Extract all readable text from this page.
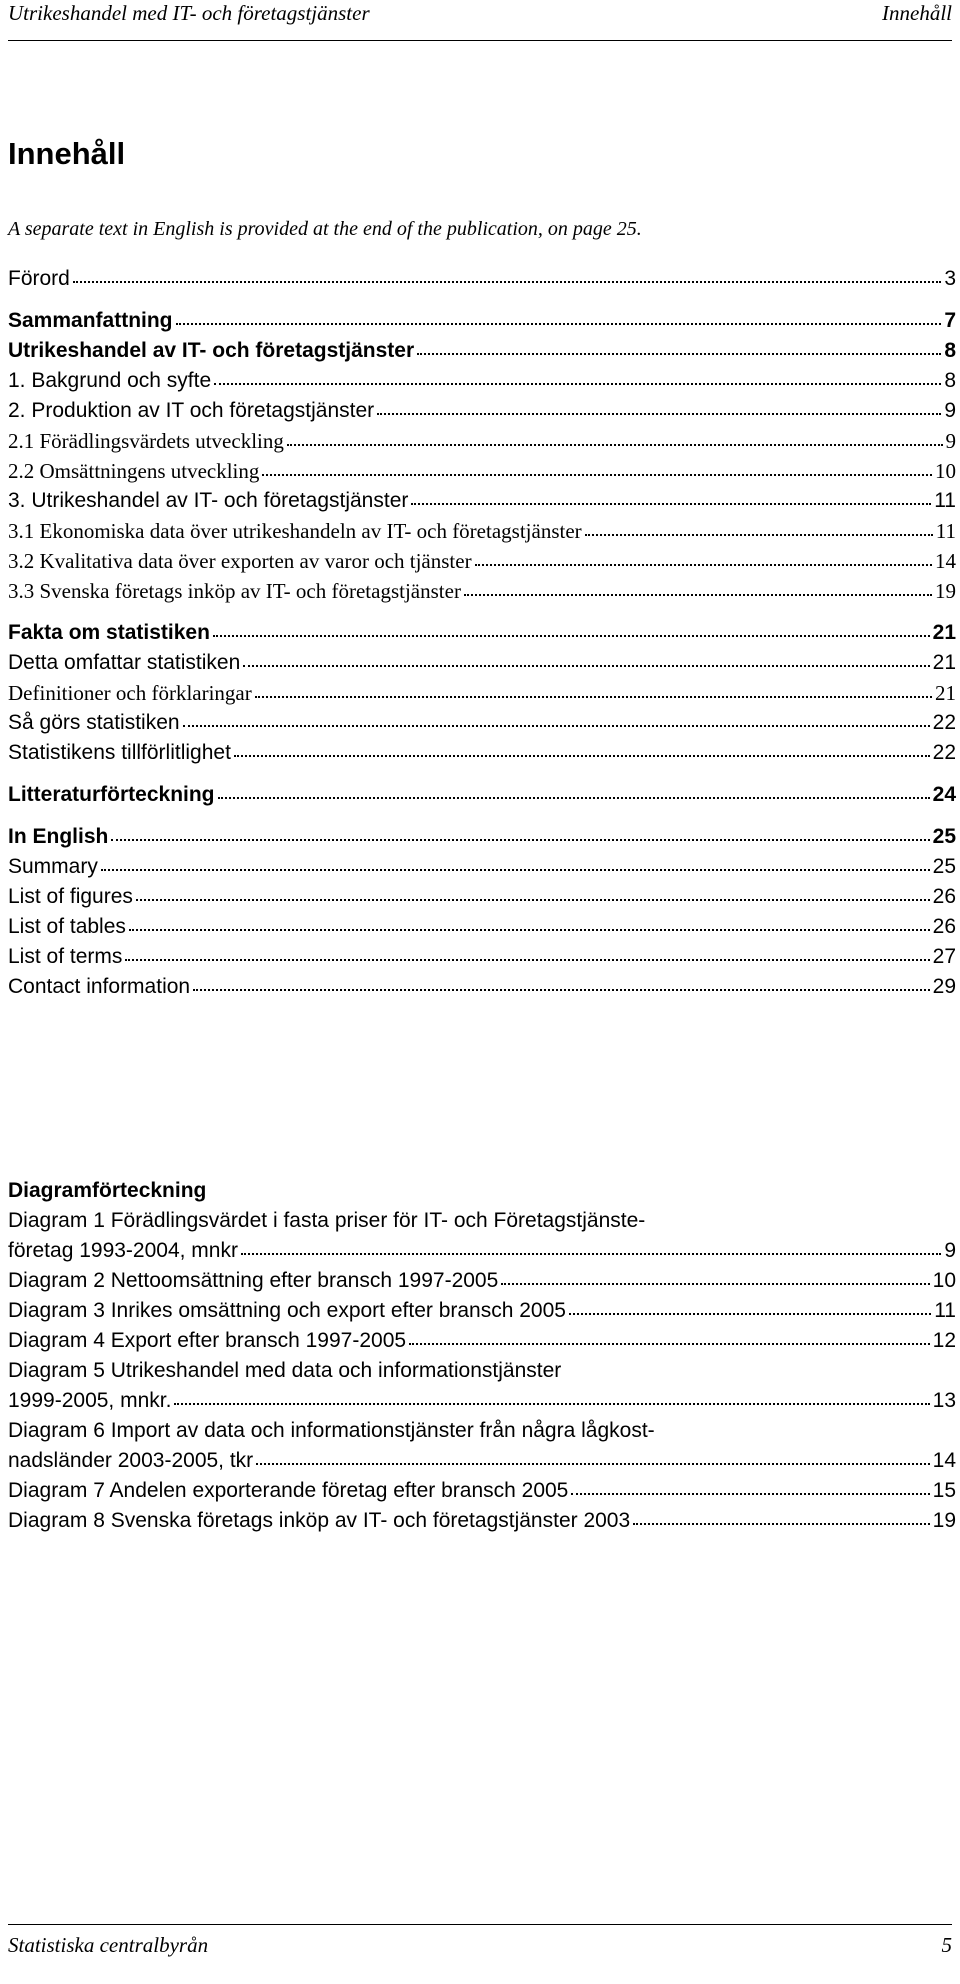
Utrikeshandel med IT- och företagstjänster	Innehåll
Innehåll
A separate text in English is provided at the end of the publication, on page 25.
Förord	3
Sammanfattning	7
Utrikeshandel av IT- och företagstjänster	8
1. Bakgrund och syfte	8
2. Produktion av IT och företagstjänster	9
2.1 Förädlingsvärdets utveckling	9
2.2 Omsättningens utveckling	10
3. Utrikeshandel av IT- och företagstjänster	11
3.1 Ekonomiska data över utrikeshandeln av IT- och företagstjänster	11
3.2 Kvalitativa data över exporten av varor och tjänster	14
3.3 Svenska företags inköp av IT- och företagstjänster	19
Fakta om statistiken	21
Detta omfattar statistiken	21
Definitioner och förklaringar	21
Så görs statistiken	22
Statistikens tillförlitlighet	22
Litteraturförteckning	24
In English	25
Summary	25
List of figures	26
List of tables	26
List of terms	27
Contact information	29
Diagramförteckning
Diagram 1 Förädlingsvärdet i fasta priser för IT- och Företagstjänste-
företag 1993-2004, mnkr	9
Diagram 2 Nettoomsättning efter bransch 1997-2005	10
Diagram 3 Inrikes omsättning och export efter bransch 2005	11
Diagram 4 Export efter bransch 1997-2005	12
Diagram 5 Utrikeshandel med data och informationstjänster
1999-2005, mnkr.	13
Diagram 6 Import av data och informationstjänster från några lågkost-
nadsländer 2003-2005, tkr	14
Diagram 7 Andelen exporterande företag efter bransch 2005	15
Diagram 8 Svenska företags inköp av IT- och företagstjänster 2003	19
Statistiska centralbyrån	5
